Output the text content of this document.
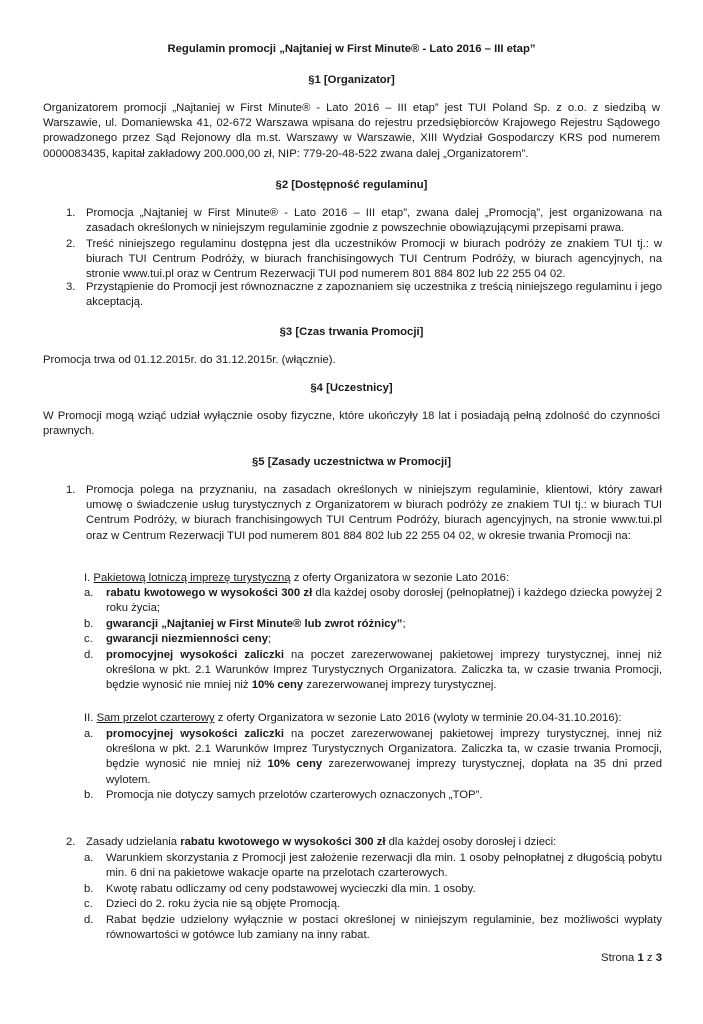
Regulamin promocji „Najtaniej w First Minute® - Lato 2016 – III etap”
§1 [Organizator]
Organizatorem promocji „Najtaniej w First Minute® - Lato 2016 – III etap” jest TUI Poland Sp. z o.o. z siedzibą w Warszawie, ul. Domaniewska 41, 02-672 Warszawa wpisana do rejestru przedsiębiorców Krajowego Rejestru Sądowego prowadzonego przez Sąd Rejonowy dla m.st. Warszawy w Warszawie, XIII Wydział Gospodarczy KRS pod numerem 0000083435, kapitał zakładowy 200.000,00 zł, NIP: 779-20-48-522 zwana dalej „Organizatorem”.
§2 [Dostępność regulaminu]
1. Promocja „Najtaniej w First Minute® - Lato 2016 – III etap”, zwana dalej „Promocją”, jest organizowana na zasadach określonych w niniejszym regulaminie zgodnie z powszechnie obowiązującymi przepisami prawa.
2. Treść niniejszego regulaminu dostępna jest dla uczestników Promocji w biurach podróży ze znakiem TUI tj.: w biurach TUI Centrum Podróży, w biurach franchisingowych TUI Centrum Podróży, w biurach agencyjnych, na stronie www.tui.pl oraz w Centrum Rezerwacji TUI pod numerem 801 884 802 lub 22 255 04 02.
3. Przystąpienie do Promocji jest równoznaczne z zapoznaniem się uczestnika z treścią niniejszego regulaminu i jego akceptacją.
§3 [Czas trwania Promocji]
Promocja trwa od 01.12.2015r. do 31.12.2015r. (włącznie).
§4 [Uczestnicy]
W Promocji mogą wziąć udział wyłącznie osoby fizyczne, które ukończyły 18 lat i posiadają pełną zdolność do czynności prawnych.
§5 [Zasady uczestnictwa w Promocji]
1. Promocja polega na przyznaniu, na zasadach określonych w niniejszym regulaminie, klientowi, który zawarł umowę o świadczenie usług turystycznych z Organizatorem w biurach podróży ze znakiem TUI tj.: w biurach TUI Centrum Podróży, w biurach franchisingowych TUI Centrum Podróży, biurach agencyjnych, na stronie www.tui.pl oraz w Centrum Rezerwacji TUI pod numerem 801 884 802 lub 22 255 04 02, w okresie trwania Promocji na:
I. Pakietową lotniczą imprezę turystyczną z oferty Organizatora w sezonie Lato 2016:
a.	rabatu kwotowego w wysokości 300 zł dla każdej osoby dorosłej (pełnopłatnej) i każdego dziecka powyżej 2 roku życia;
b.	gwarancji „Najtaniej w First Minute® lub zwrot różnicy”;
c.	gwarancji niezmienności ceny;
d.	promocyjnej wysokości zaliczki na poczet zarezerwowanej pakietowej imprezy turystycznej, innej niż określona w pkt. 2.1 Warunków Imprez Turystycznych Organizatora. Zaliczka ta, w czasie trwania Promocji, będzie wynosić nie mniej niż 10% ceny zarezerwowanej imprezy turystycznej.
II. Sam przelot czarterowy z oferty Organizatora w sezonie Lato 2016 (wyloty w terminie 20.04-31.10.2016):
a.	promocyjnej wysokości zaliczki na poczet zarezerwowanej pakietowej imprezy turystycznej, innej niż określona w pkt. 2.1 Warunków Imprez Turystycznych Organizatora. Zaliczka ta, w czasie trwania Promocji, będzie wynosić nie mniej niż 10% ceny zarezerwowanej imprezy turystycznej, dopłata na 35 dni przed wylotem.
b.	Promocja nie dotyczy samych przelotów czarterowych oznaczonych „TOP”.
2. Zasady udzielania rabatu kwotowego w wysokości 300 zł dla każdej osoby dorosłej i dzieci:
a.	Warunkiem skorzystania z Promocji jest założenie rezerwacji dla min. 1 osoby pełnopłatnej z długością pobytu min. 6 dni na pakietowe wakacje oparte na przelotach czarterowych.
b.	Kwotę rabatu odliczamy od ceny podstawowej wycieczki dla min. 1 osoby.
c.	Dzieci do 2. roku życia nie są objęte Promocją.
d.	Rabat będzie udzielony wyłącznie w postaci określonej w niniejszym regulaminie, bez możliwości wypłaty równowartości w gotówce lub zamiany na inny rabat.
Strona 1 z 3
